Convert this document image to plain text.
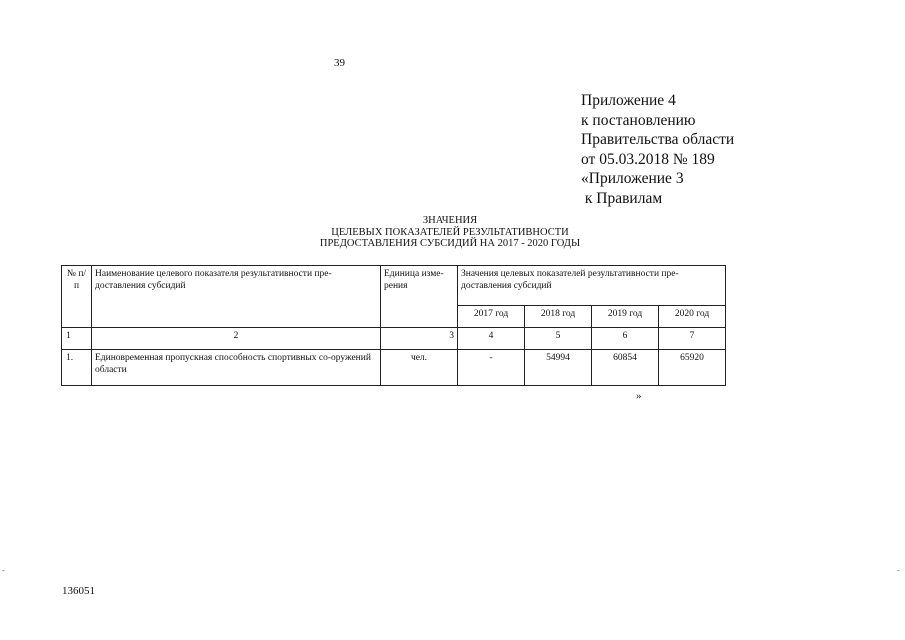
39
Приложение 4
к постановлению
Правительства области
от 05.03.2018 № 189
«Приложение 3
к Правилам
ЗНАЧЕНИЯ
ЦЕЛЕВЫХ ПОКАЗАТЕЛЕЙ РЕЗУЛЬТАТИВНОСТИ
ПРЕДОСТАВЛЕНИЯ СУБСИДИЙ НА 2017 - 2020 ГОДЫ
№ п/п	Наименование целевого показателя результативности пре-доставления субсидий	Единица изме-рения	Значения целевых показателей результативности пре-доставления субсидий			
			2017 год	2018 год	2019 год	2020 год
1	2	3	4	5	6	7
1.	Единовременная пропускная способность спортивных со-оружений области	чел.	-	54994	60854	65920
»
136051
-	-
